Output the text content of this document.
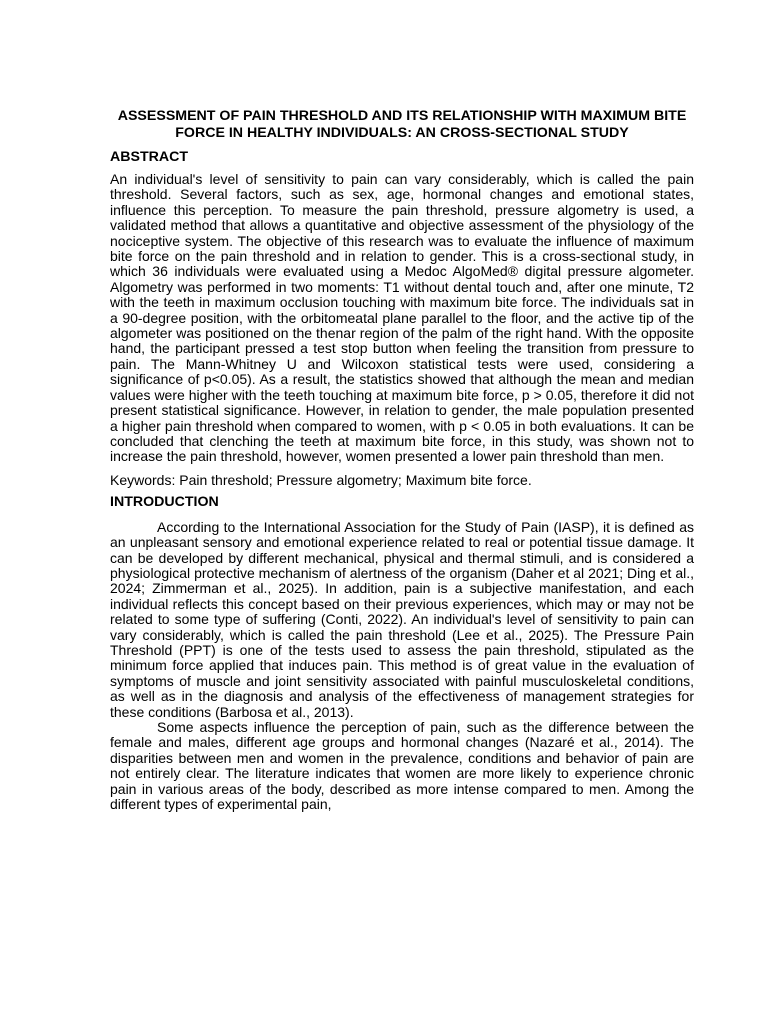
ASSESSMENT OF PAIN THRESHOLD AND ITS RELATIONSHIP WITH MAXIMUM BITE FORCE IN HEALTHY INDIVIDUALS: AN CROSS-SECTIONAL STUDY
ABSTRACT

An individual's level of sensitivity to pain can vary considerably, which is called the pain threshold. Several factors, such as sex, age, hormonal changes and emotional states, influence this perception. To measure the pain threshold, pressure algometry is used, a validated method that allows a quantitative and objective assessment of the physiology of the nociceptive system. The objective of this research was to evaluate the influence of maximum bite force on the pain threshold and in relation to gender. This is a cross-sectional study, in which 36 individuals were evaluated using a Medoc AlgoMed® digital pressure algometer. Algometry was performed in two moments: T1 without dental touch and, after one minute, T2 with the teeth in maximum occlusion touching with maximum bite force. The individuals sat in a 90-degree position, with the orbitomeatal plane parallel to the floor, and the active tip of the algometer was positioned on the thenar region of the palm of the right hand. With the opposite hand, the participant pressed a test stop button when feeling the transition from pressure to pain. The Mann-Whitney U and Wilcoxon statistical tests were used, considering a significance of p<0.05). As a result, the statistics showed that although the mean and median values were higher with the teeth touching at maximum bite force, p > 0.05, therefore it did not present statistical significance. However, in relation to gender, the male population presented a higher pain threshold when compared to women, with p < 0.05 in both evaluations. It can be concluded that clenching the teeth at maximum bite force, in this study, was shown not to increase the pain threshold, however, women presented a lower pain threshold than men.

Keywords: Pain threshold; Pressure algometry; Maximum bite force.

INTRODUCTION

According to the International Association for the Study of Pain (IASP), it is defined as an unpleasant sensory and emotional experience related to real or potential tissue damage. It can be developed by different mechanical, physical and thermal stimuli, and is considered a physiological protective mechanism of alertness of the organism (Daher et al 2021; Ding et al., 2024; Zimmerman et al., 2025). In addition, pain is a subjective manifestation, and each individual reflects this concept based on their previous experiences, which may or may not be related to some type of suffering (Conti, 2022). An individual's level of sensitivity to pain can vary considerably, which is called the pain threshold (Lee et al., 2025). The Pressure Pain Threshold (PPT) is one of the tests used to assess the pain threshold, stipulated as the minimum force applied that induces pain. This method is of great value in the evaluation of symptoms of muscle and joint sensitivity associated with painful musculoskeletal conditions, as well as in the diagnosis and analysis of the effectiveness of management strategies for these conditions (Barbosa et al., 2013).

Some aspects influence the perception of pain, such as the difference between the female and males, different age groups and hormonal changes (Nazaré et al., 2014). The disparities between men and women in the prevalence, conditions and behavior of pain are not entirely clear. The literature indicates that women are more likely to experience chronic pain in various areas of the body, described as more intense compared to men. Among the different types of experimental pain,
